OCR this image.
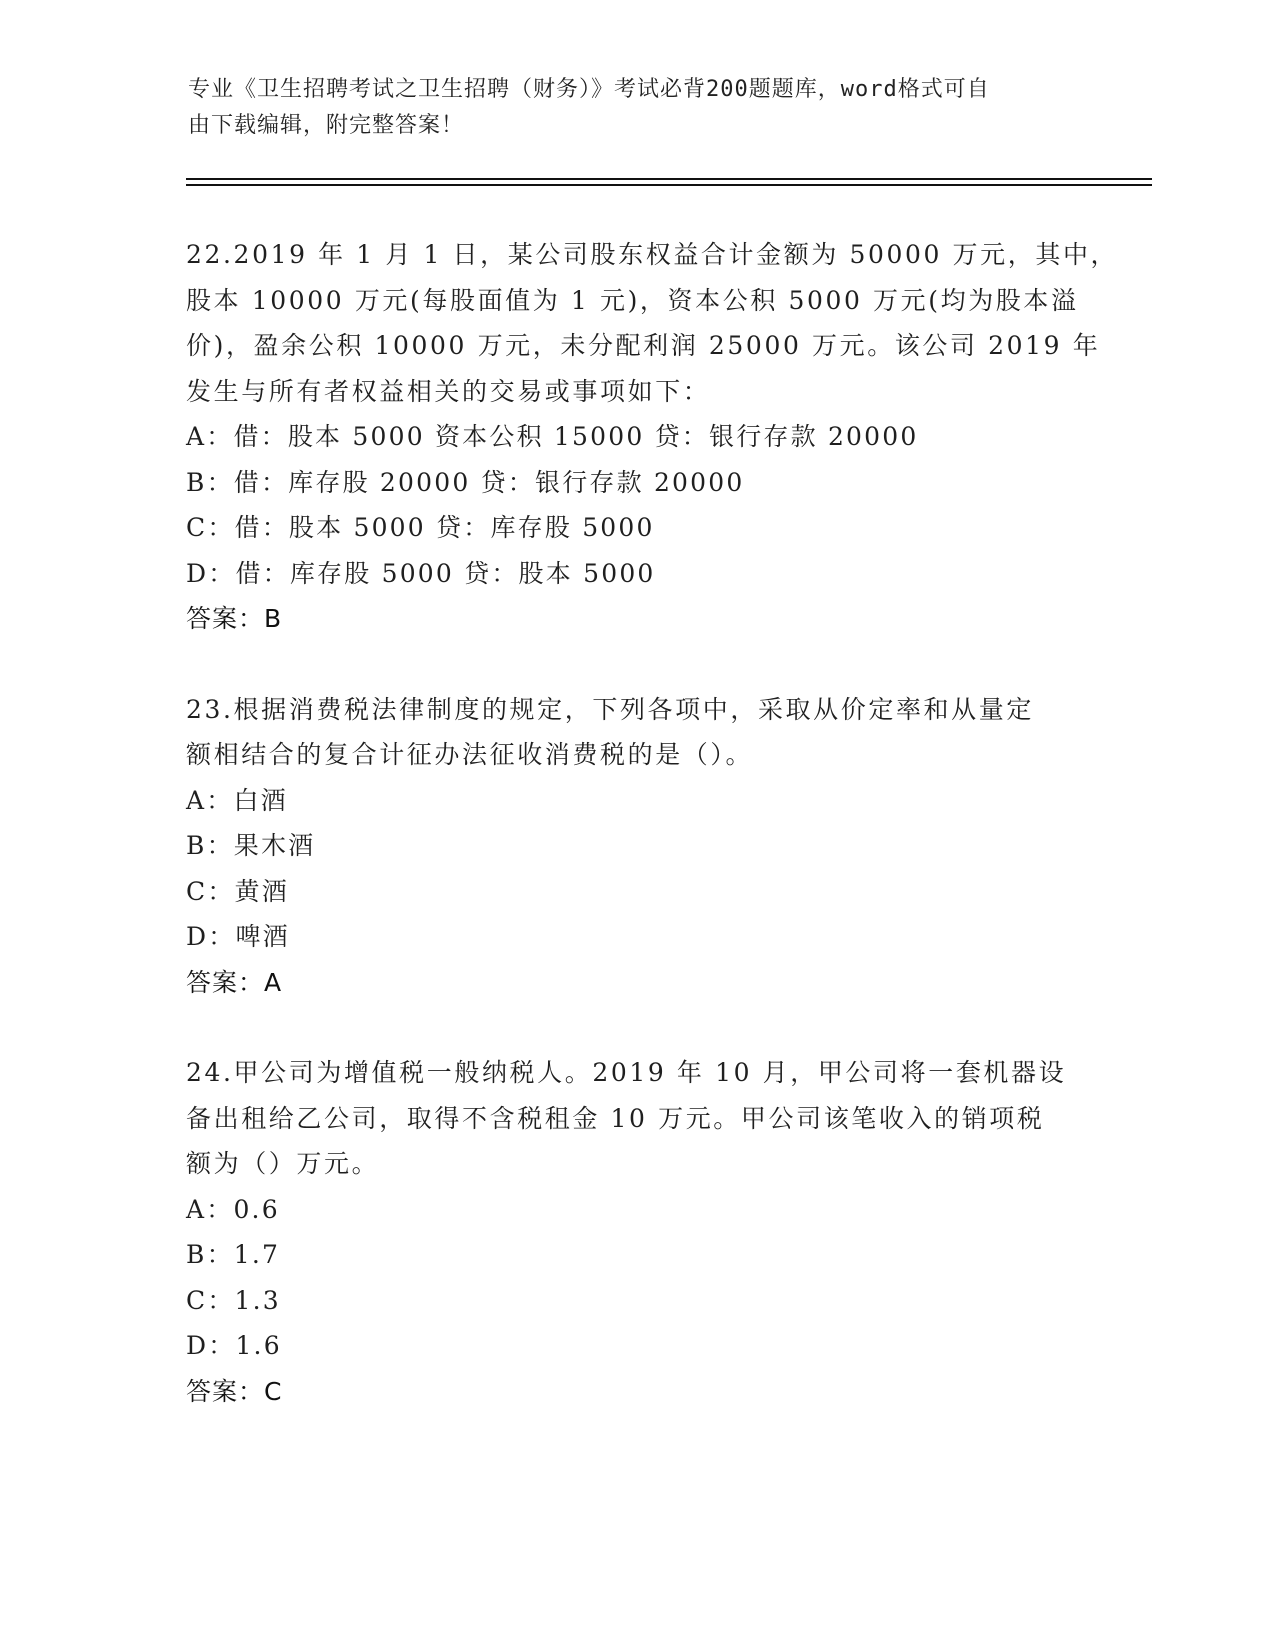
专业《卫生招聘考试之卫生招聘（财务）》考试必背200题题库，word格式可自
由下载编辑，附完整答案！
22.2019 年 1 月 1 日，某公司股东权益合计金额为 50000 万元，其中，
股本 10000 万元(每股面值为 1 元)，资本公积 5000 万元(均为股本溢
价)，盈余公积 10000 万元，未分配利润 25000 万元。该公司 2019 年
发生与所有者权益相关的交易或事项如下：
A：借：股本 5000 资本公积 15000 贷：银行存款 20000
B：借：库存股 20000 贷：银行存款 20000
C：借：股本 5000 贷：库存股 5000
D：借：库存股 5000 贷：股本 5000
答案：B
23.根据消费税法律制度的规定，下列各项中，采取从价定率和从量定
额相结合的复合计征办法征收消费税的是（）。
A：白酒
B：果木酒
C：黄酒
D：啤酒
答案：A
24.甲公司为增值税一般纳税人。2019 年 10 月，甲公司将一套机器设
备出租给乙公司，取得不含税租金 10 万元。甲公司该笔收入的销项税
额为（）万元。
A：0.6
B：1.7
C：1.3
D：1.6
答案：C
